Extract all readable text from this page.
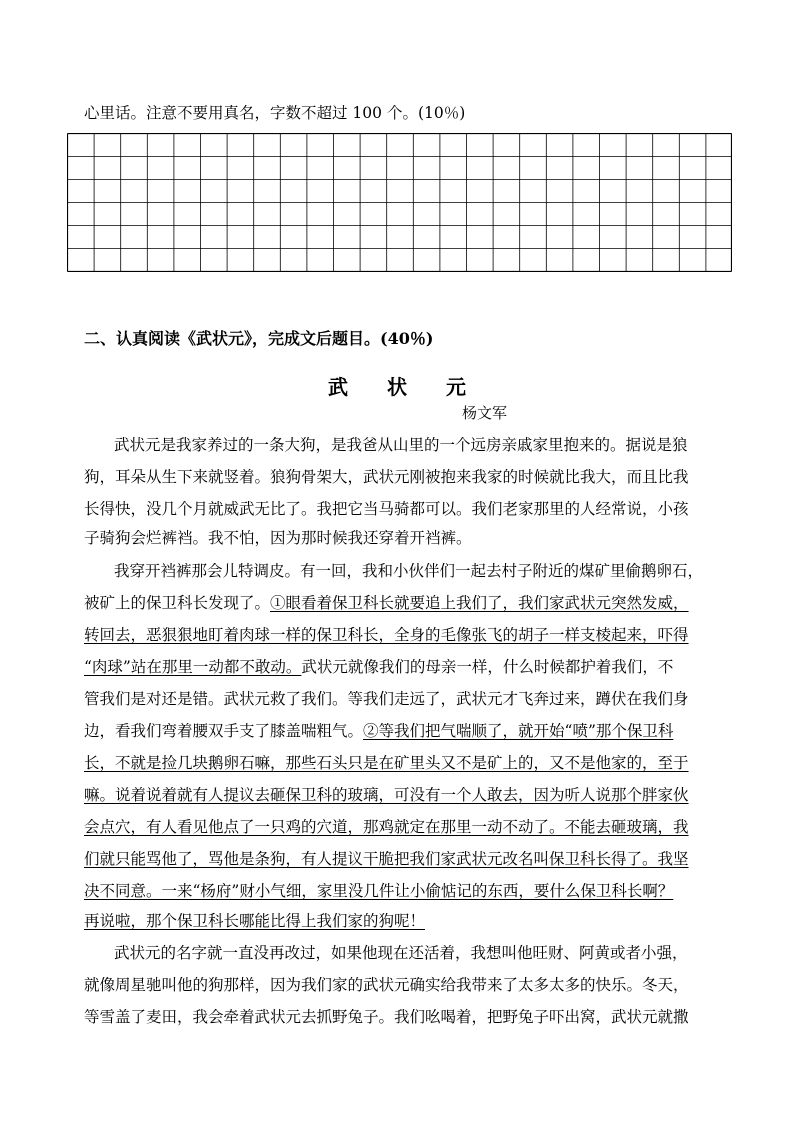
心里话。注意不要用真名，字数不超过 100 个。(10％)
二、认真阅读《武状元》，完成文后题目。(40％)
武 状 元
杨文军
武状元是我家养过的一条大狗，是我爸从山里的一个远房亲戚家里抱来的。据说是狼
狗，耳朵从生下来就竖着。狼狗骨架大，武状元刚被抱来我家的时候就比我大，而且比我
长得快，没几个月就威武无比了。我把它当马骑都可以。我们老家那里的人经常说，小孩
子骑狗会烂裤裆。我不怕，因为那时候我还穿着开裆裤。
我穿开裆裤那会儿特调皮。有一回，我和小伙伴们一起去村子附近的煤矿里偷鹅卵石，
被矿上的保卫科长发现了。①眼看着保卫科长就要追上我们了，我们家武状元突然发威，
转回去，恶狠狠地盯着肉球一样的保卫科长，全身的毛像张飞的胡子一样支棱起来，吓得
“肉球”站在那里一动都不敢动。武状元就像我们的母亲一样，什么时候都护着我们，不
管我们是对还是错。武状元救了我们。等我们走远了，武状元才飞奔过来，蹲伏在我们身
边，看我们弯着腰双手支了膝盖喘粗气。②等我们把气喘顺了，就开始“喷”那个保卫科
长，不就是捡几块鹅卵石嘛，那些石头只是在矿里头又不是矿上的，又不是他家的，至于
嘛。说着说着就有人提议去砸保卫科的玻璃，可没有一个人敢去，因为听人说那个胖家伙
会点穴，有人看见他点了一只鸡的穴道，那鸡就定在那里一动不动了。不能去砸玻璃，我
们就只能骂他了，骂他是条狗，有人提议干脆把我们家武状元改名叫保卫科长得了。我坚
决不同意。一来“杨府”财小气细，家里没几件让小偷惦记的东西，要什么保卫科长啊？
再说啦，那个保卫科长哪能比得上我们家的狗呢！
武状元的名字就一直没再改过，如果他现在还活着，我想叫他旺财、阿黄或者小强，
就像周星驰叫他的狗那样，因为我们家的武状元确实给我带来了太多太多的快乐。冬天，
等雪盖了麦田，我会牵着武状元去抓野兔子。我们吆喝着，把野兔子吓出窝，武状元就撒
